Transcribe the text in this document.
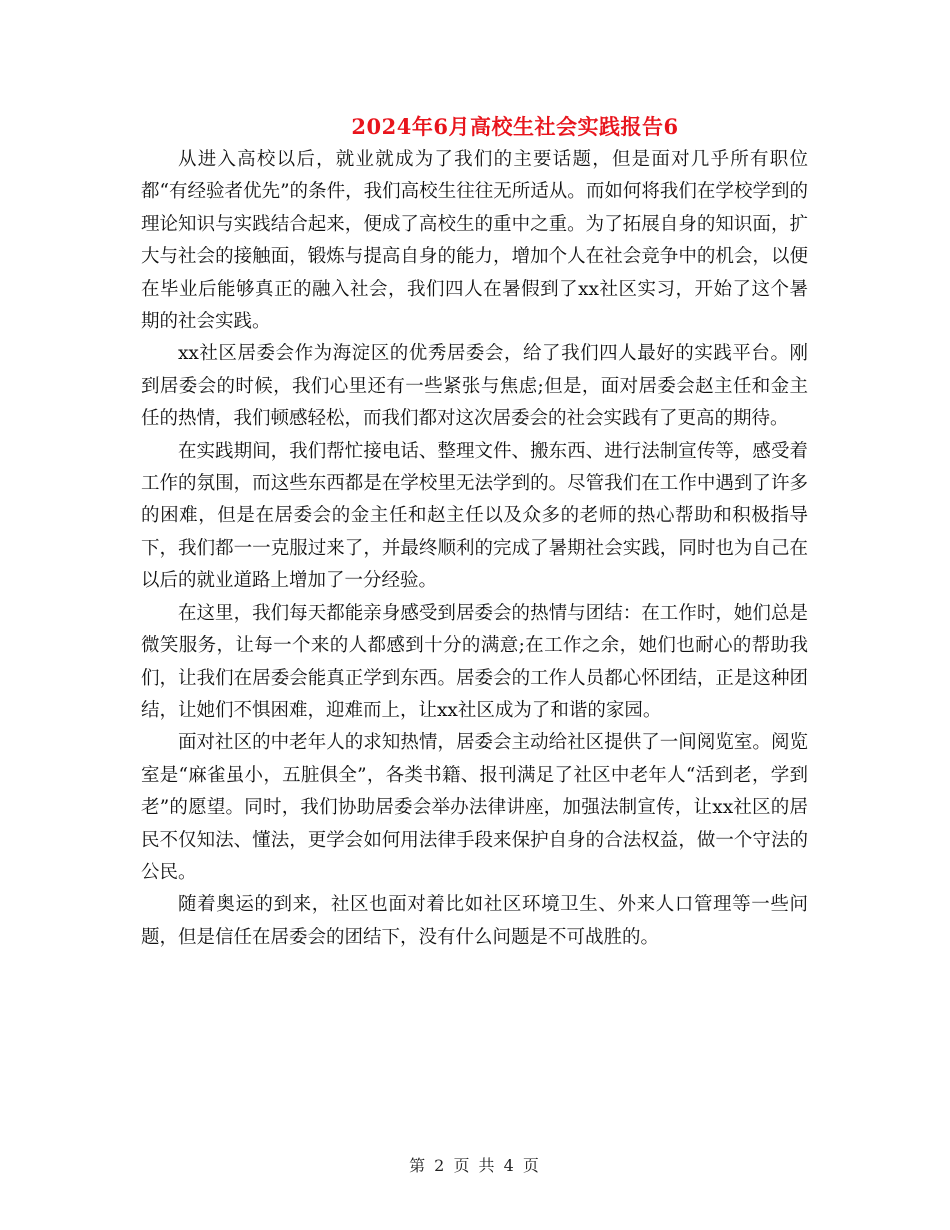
2024年6月高校生社会实践报告6

从进入高校以后，就业就成为了我们的主要话题，但是面对几乎所有职位都“有经验者优先”的条件，我们高校生往往无所适从。而如何将我们在学校学到的理论知识与实践结合起来，便成了高校生的重中之重。为了拓展自身的知识面，扩大与社会的接触面，锻炼与提高自身的能力，增加个人在社会竞争中的机会，以便在毕业后能够真正的融入社会，我们四人在暑假到了xx社区实习，开始了这个暑期的社会实践。

xx社区居委会作为海淀区的优秀居委会，给了我们四人最好的实践平台。刚到居委会的时候，我们心里还有一些紧张与焦虑;但是，面对居委会赵主任和金主任的热情，我们顿感轻松，而我们都对这次居委会的社会实践有了更高的期待。

在实践期间，我们帮忙接电话、整理文件、搬东西、进行法制宣传等，感受着工作的氛围，而这些东西都是在学校里无法学到的。尽管我们在工作中遇到了许多的困难，但是在居委会的金主任和赵主任以及众多的老师的热心帮助和积极指导下，我们都一一克服过来了，并最终顺利的完成了暑期社会实践，同时也为自己在以后的就业道路上增加了一分经验。

在这里，我们每天都能亲身感受到居委会的热情与团结：在工作时，她们总是微笑服务，让每一个来的人都感到十分的满意;在工作之余，她们也耐心的帮助我们，让我们在居委会能真正学到东西。居委会的工作人员都心怀团结，正是这种团结，让她们不惧困难，迎难而上，让xx社区成为了和谐的家园。

面对社区的中老年人的求知热情，居委会主动给社区提供了一间阅览室。阅览室是“麻雀虽小，五脏俱全”，各类书籍、报刊满足了社区中老年人“活到老，学到老”的愿望。同时，我们协助居委会举办法律讲座，加强法制宣传，让xx社区的居民不仅知法、懂法，更学会如何用法律手段来保护自身的合法权益，做一个守法的公民。

随着奥运的到来，社区也面对着比如社区环境卫生、外来人口管理等一些问题，但是信任在居委会的团结下，没有什么问题是不可战胜的。

第 2 页 共 4 页
